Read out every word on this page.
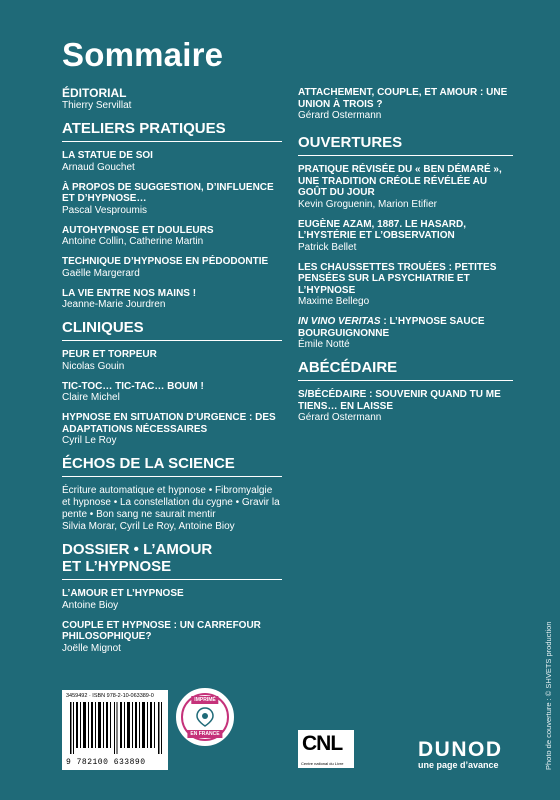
Sommaire
ÉDITORIAL
Thierry Servillat
ATELIERS PRATIQUES
LA STATUE DE SOI
Arnaud Gouchet
À PROPOS DE SUGGESTION, D’INFLUENCE ET D’HYPNOSE…
Pascal Vesproumis
AUTOHYPNOSE ET DOULEURS
Antoine Collin, Catherine Martin
TECHNIQUE D’HYPNOSE EN PÉDODONTIE
Gaëlle Margerard
LA VIE ENTRE NOS MAINS !
Jeanne-Marie Jourdren
CLINIQUES
PEUR ET TORPEUR
Nicolas Gouin
TIC-TOC… TIC-TAC… BOUM !
Claire Michel
HYPNOSE EN SITUATION D’URGENCE : DES ADAPTATIONS NÉCESSAIRES
Cyril Le Roy
ÉCHOS DE LA SCIENCE
Écriture automatique et hypnose • Fibromyalgie et hypnose • La constellation du cygne • Gravir la pente • Bon sang ne saurait mentir
Silvia Morar, Cyril Le Roy, Antoine Bioy
DOSSIER • L’AMOUR
ET L’HYPNOSE
L’AMOUR ET L’HYPNOSE
Antoine Bioy
COUPLE ET HYPNOSE : UN CARREFOUR PHILOSOPHIQUE?
Joëlle Mignot
ATTACHEMENT, COUPLE, ET AMOUR : UNE UNION À TROIS ?
Gérard Ostermann
OUVERTURES
PRATIQUE RÉVISÉE DU « BEN DÉMARÉ », UNE TRADITION CRÉOLE RÉVÉLÉE AU GOÛT DU JOUR
Kevin Groguenin, Marion Etifier
EUGÈNE AZAM, 1887. LE HASARD, L’HYSTÉRIE ET L’OBSERVATION
Patrick Bellet
LES CHAUSSETTES TROUÉES : PETITES PENSÉES SUR LA PSYCHIATRIE ET L’HYPNOSE
Maxime Bellego
IN VINO VERITAS : L’HYPNOSE SAUCE BOURGUIGNONNE
Émile Notté
ABÉCÉDAIRE
S/BÉCÉDAIRE : SOUVENIR QUAND TU ME TIENS… EN LAISSE
Gérard Ostermann
3459492 · ISBN 978-2-10-063389-0
9 782100 633890
IMPRIMÉ
EN FRANCE	CNL
Centre national du Livre
DUNOD
une page d’avance	Photo de couverture : © SHVETS production
